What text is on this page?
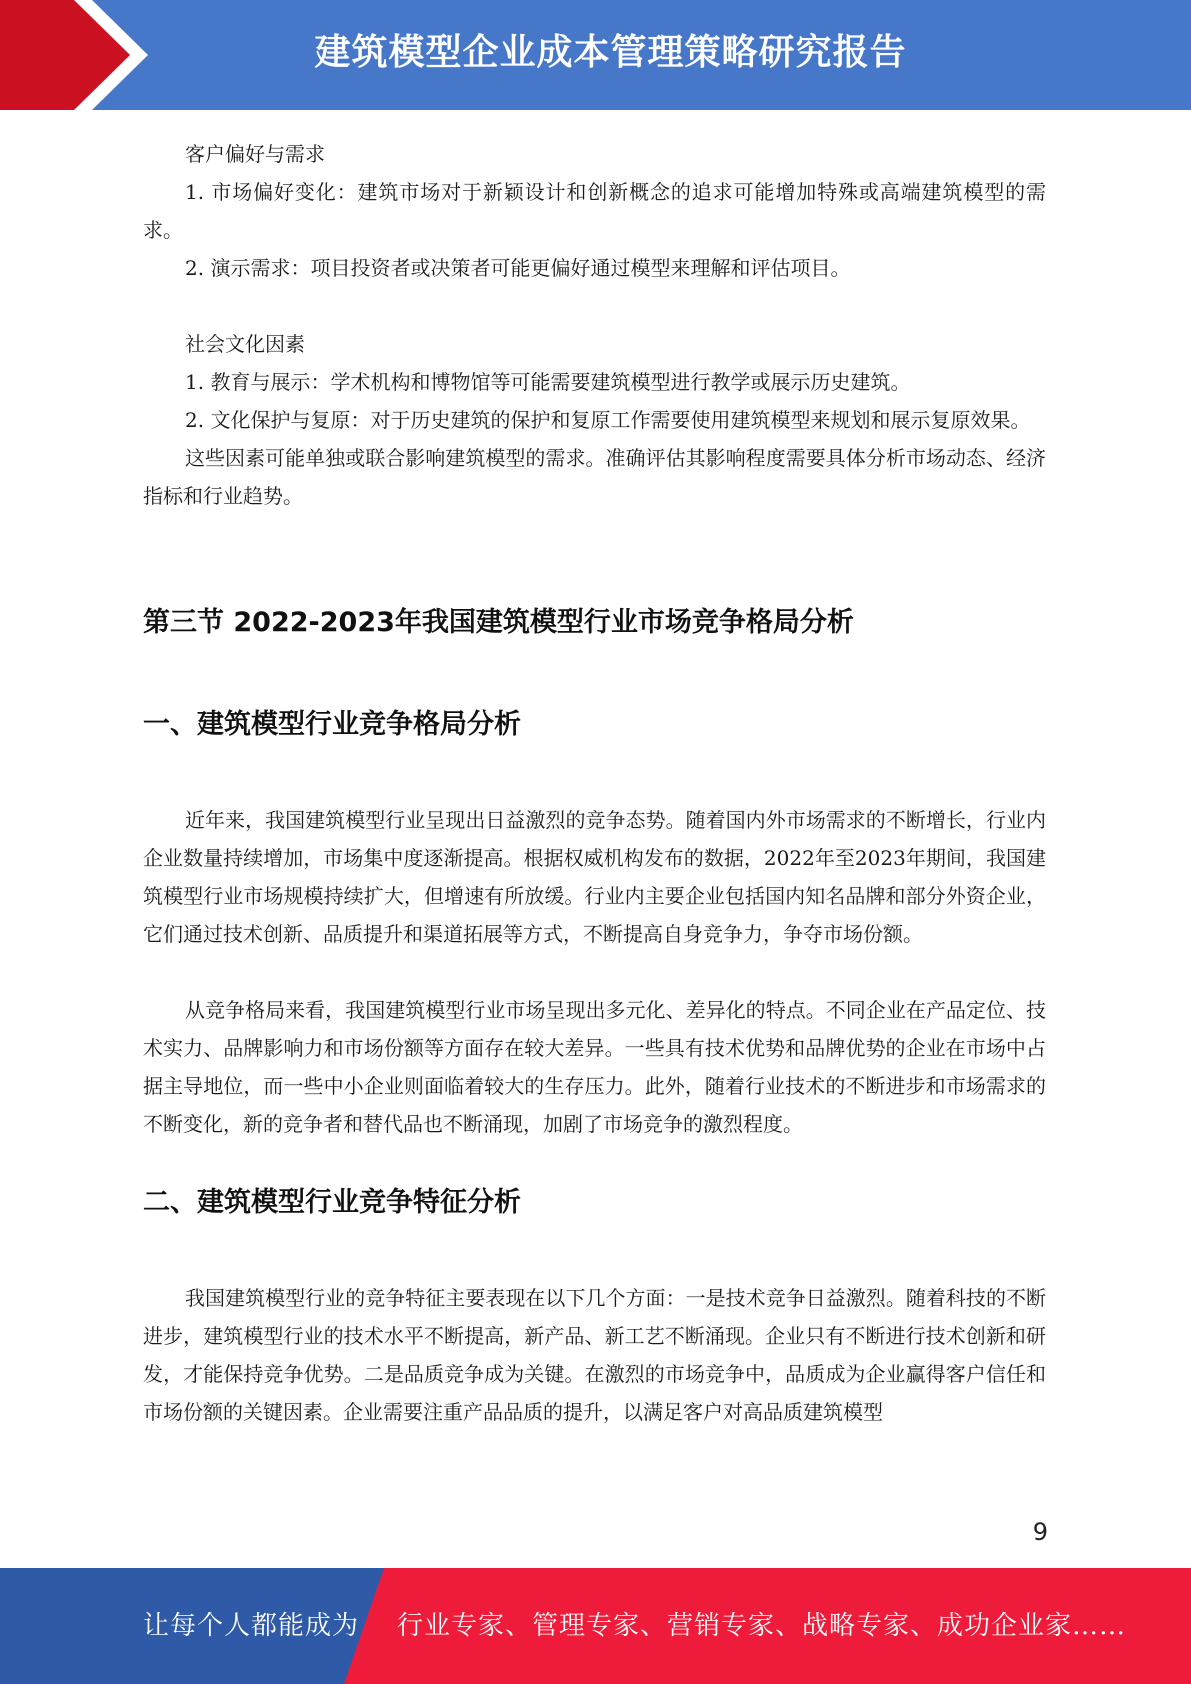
建筑模型企业成本管理策略研究报告

客户偏好与需求

1. 市场偏好变化：建筑市场对于新颖设计和创新概念的追求可能增加特殊或高端建筑模型的需求。

2. 演示需求：项目投资者或决策者可能更偏好通过模型来理解和评估项目。

社会文化因素

1. 教育与展示：学术机构和博物馆等可能需要建筑模型进行教学或展示历史建筑。

2. 文化保护与复原：对于历史建筑的保护和复原工作需要使用建筑模型来规划和展示复原效果。

这些因素可能单独或联合影响建筑模型的需求。准确评估其影响程度需要具体分析市场动态、经济指标和行业趋势。

第三节 2022-2023年我国建筑模型行业市场竞争格局分析
一、建筑模型行业竞争格局分析

近年来，我国建筑模型行业呈现出日益激烈的竞争态势。随着国内外市场需求的不断增长，行业内企业数量持续增加，市场集中度逐渐提高。根据权威机构发布的数据，2022年至2023年期间，我国建筑模型行业市场规模持续扩大，但增速有所放缓。行业内主要企业包括国内知名品牌和部分外资企业，它们通过技术创新、品质提升和渠道拓展等方式，不断提高自身竞争力，争夺市场份额。

从竞争格局来看，我国建筑模型行业市场呈现出多元化、差异化的特点。不同企业在产品定位、技术实力、品牌影响力和市场份额等方面存在较大差异。一些具有技术优势和品牌优势的企业在市场中占据主导地位，而一些中小企业则面临着较大的生存压力。此外，随着行业技术的不断进步和市场需求的不断变化，新的竞争者和替代品也不断涌现，加剧了市场竞争的激烈程度。

二、建筑模型行业竞争特征分析

我国建筑模型行业的竞争特征主要表现在以下几个方面：一是技术竞争日益激烈。随着科技的不断进步，建筑模型行业的技术水平不断提高，新产品、新工艺不断涌现。企业只有不断进行技术创新和研发，才能保持竞争优势。二是品质竞争成为关键。在激烈的市场竞争中，品质成为企业赢得客户信任和市场份额的关键因素。企业需要注重产品品质的提升，以满足客户对高品质建筑模型

9
让每个人都能成为 行业专家、管理专家、营销专家、战略专家、成功企业家……
